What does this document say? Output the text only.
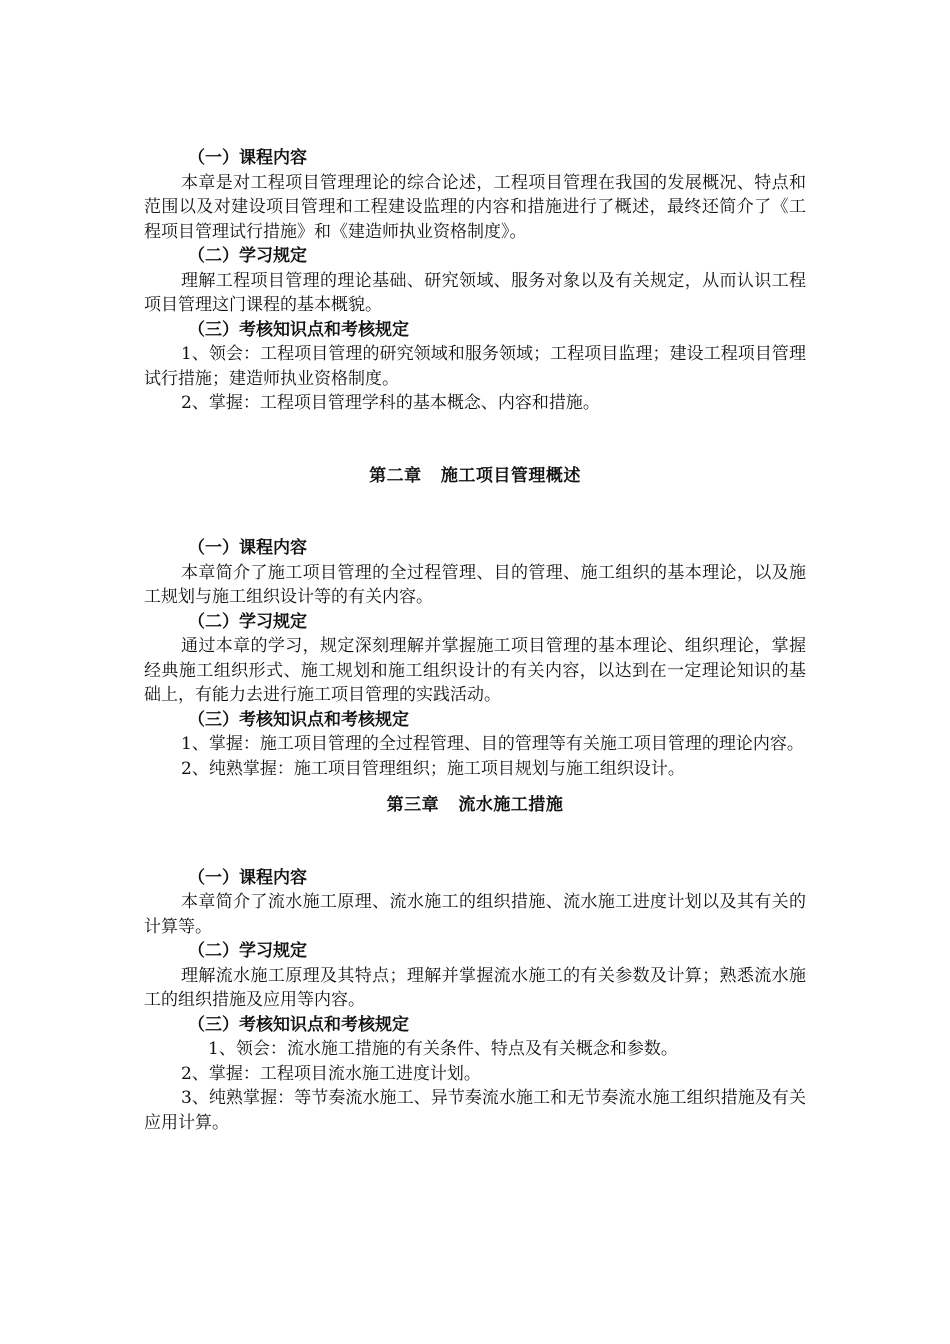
（一）课程内容

本章是对工程项目管理理论的综合论述，工程项目管理在我国的发展概况、特点和范围以及对建设项目管理和工程建设监理的内容和措施进行了概述，最终还简介了《工程项目管理试行措施》和《建造师执业资格制度》。

（二）学习规定

理解工程项目管理的理论基础、研究领域、服务对象以及有关规定，从而认识工程项目管理这门课程的基本概貌。

（三）考核知识点和考核规定

1、领会：工程项目管理的研究领域和服务领域；工程项目监理；建设工程项目管理试行措施；建造师执业资格制度。

2、掌握：工程项目管理学科的基本概念、内容和措施。

第二章   施工项目管理概述

（一）课程内容

本章简介了施工项目管理的全过程管理、目的管理、施工组织的基本理论，以及施工规划与施工组织设计等的有关内容。

（二）学习规定

通过本章的学习，规定深刻理解并掌握施工项目管理的基本理论、组织理论，掌握经典施工组织形式、施工规划和施工组织设计的有关内容，以达到在一定理论知识的基础上，有能力去进行施工项目管理的实践活动。

（三）考核知识点和考核规定

1、掌握：施工项目管理的全过程管理、目的管理等有关施工项目管理的理论内容。

2、纯熟掌握：施工项目管理组织；施工项目规划与施工组织设计。

第三章   流水施工措施

（一）课程内容

本章简介了流水施工原理、流水施工的组织措施、流水施工进度计划以及其有关的计算等。

（二）学习规定

理解流水施工原理及其特点；理解并掌握流水施工的有关参数及计算；熟悉流水施工的组织措施及应用等内容。

（三）考核知识点和考核规定

1、领会：流水施工措施的有关条件、特点及有关概念和参数。

2、掌握：工程项目流水施工进度计划。

3、纯熟掌握：等节奏流水施工、异节奏流水施工和无节奏流水施工组织措施及有关应用计算。
